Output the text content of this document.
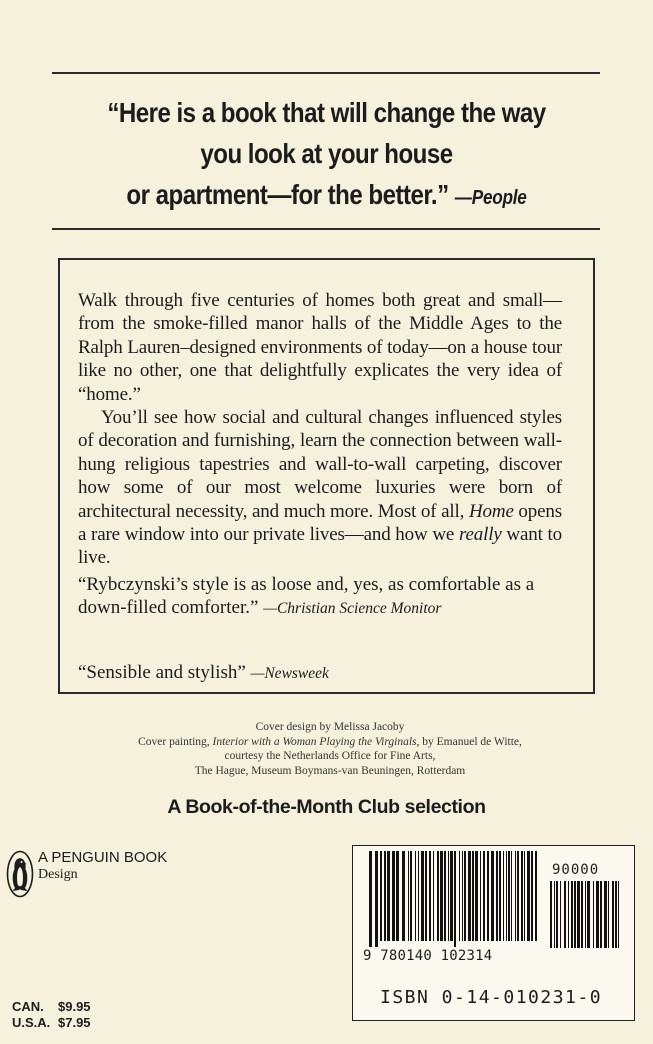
“Here is a book that will change the way
you look at your house
or apartment—for the better.” —People
Walk through five centuries of homes both great and small—from the smoke-filled manor halls of the Middle Ages to the Ralph Lauren–designed environments of today—on a house tour like no other, one that delightfully explicates the very idea of “home.”
You’ll see how social and cultural changes influenced styles of decoration and furnishing, learn the connection between wall-hung religious tapestries and wall-to-wall carpeting, discover how some of our most welcome luxuries were born of architectural necessity, and much more. Most of all, Home opens a rare window into our private lives—and how we really want to live.
“Rybczynski’s style is as loose and, yes, as comfortable as a down-filled comforter.” —Christian Science Monitor
“Sensible and stylish” —Newsweek
Cover design by Melissa Jacoby
Cover painting, Interior with a Woman Playing the Virginals, by Emanuel de Witte,
courtesy the Netherlands Office for Fine Arts,
The Hague, Museum Boymans-van Beuningen, Rotterdam
A Book-of-the-Month Club selection
A PENGUIN BOOK
Design	90000
9 780140 102314
ISBN 0-14-010231-0
CAN. $9.95
U.S.A. $7.95
